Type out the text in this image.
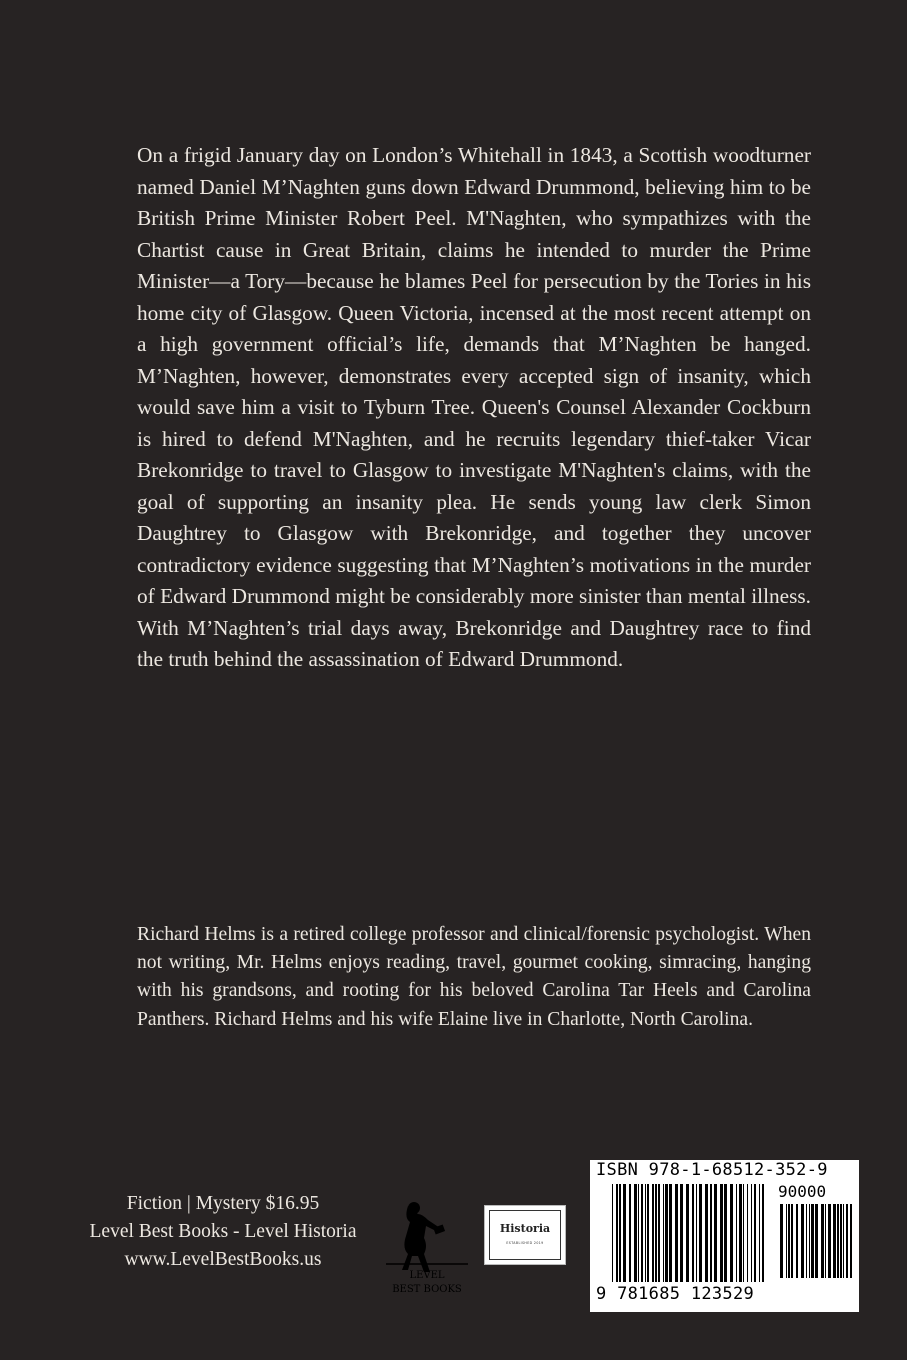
On a frigid January day on London’s Whitehall in 1843, a Scottish woodturner named Daniel M’Naghten guns down Edward Drummond, believing him to be British Prime Minister Robert Peel. M'Naghten, who sympathizes with the Chartist cause in Great Britain, claims he intended to murder the Prime Minister—a Tory—because he blames Peel for persecution by the Tories in his home city of Glasgow. Queen Victoria, incensed at the most recent attempt on a high government official’s life, demands that M’Naghten be hanged. M’Naghten, however, demonstrates every accepted sign of insanity, which would save him a visit to Tyburn Tree. Queen's Counsel Alexander Cockburn is hired to defend M'Naghten, and he recruits legendary thief-taker Vicar Brekonridge to travel to Glasgow to investigate M'Naghten's claims, with the goal of supporting an insanity plea. He sends young law clerk Simon Daughtrey to Glasgow with Brekonridge, and together they uncover contradictory evidence suggesting that M’Naghten’s motivations in the murder of Edward Drummond might be considerably more sinister than mental illness. With M’Naghten’s trial days away, Brekonridge and Daughtrey race to find the truth behind the assassination of Edward Drummond.

Richard Helms is a retired college professor and clinical/forensic psychologist. When not writing, Mr. Helms enjoys reading, travel, gourmet cooking, simracing, hanging with his grandsons, and rooting for his beloved Carolina Tar Heels and Carolina Panthers. Richard Helms and his wife Elaine live in Charlotte, North Carolina.

Fiction | Mystery $16.95
Level Best Books - Level Historia
www.LevelBestBooks.us
LEVEL
BEST BOOKS
Historia
ESTABLISHED 2019
ISBN 978-1-68512-352-9
90000
9 781685 123529
